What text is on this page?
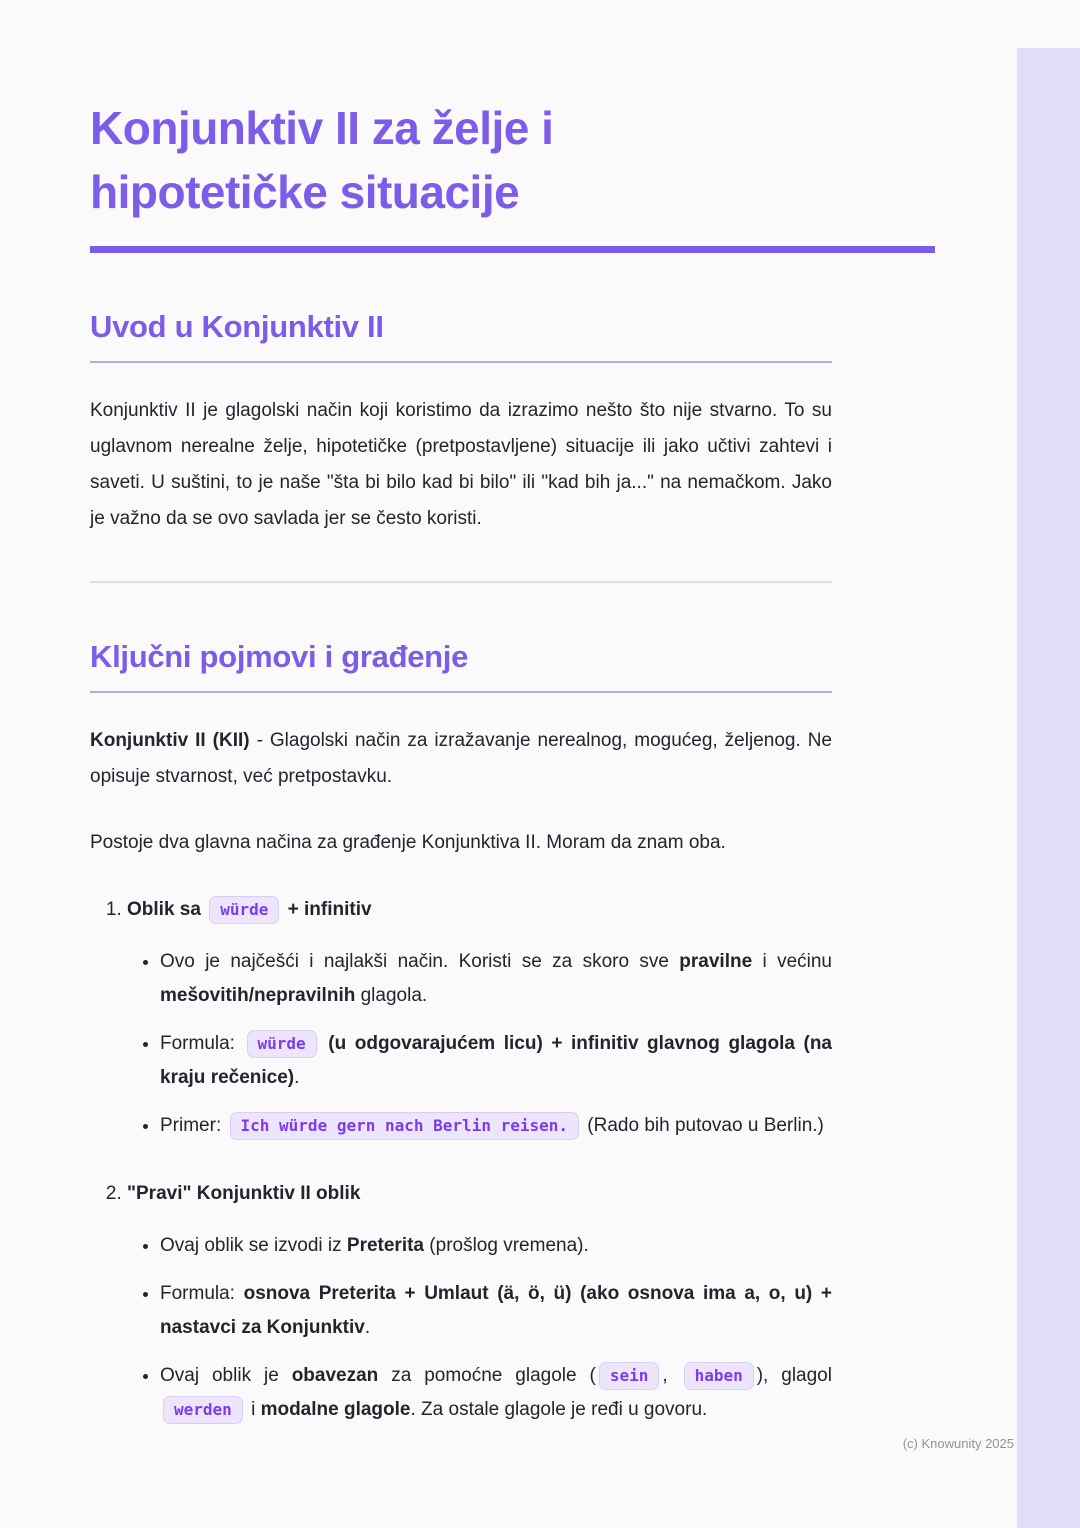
Konjunktiv II za želje i
hipotetičke situacije
Uvod u Konjunktiv II

Konjunktiv II je glagolski način koji koristimo da izrazimo nešto što nije stvarno. To su uglavnom nerealne želje, hipotetičke (pretpostavljene) situacije ili jako učtivi zahtevi i saveti. U suštini, to je naše "šta bi bilo kad bi bilo" ili "kad bih ja..." na nemačkom. Jako je važno da se ovo savlada jer se često koristi.

Ključni pojmovi i građenje

Konjunktiv II (KII) - Glagolski način za izražavanje nerealnog, mogućeg, željenog. Ne opisuje stvarnost, već pretpostavku.

Postoje dva glavna načina za građenje Konjunktiva II. Moram da znam oba.

1. Oblik sa würde + infinitiv
• Ovo je najčešći i najlakši način. Koristi se za skoro sve pravilne i većinu mešovitih/nepravilnih glagola.
• Formula: würde (u odgovarajućem licu) + infinitiv glavnog glagola (na kraju rečenice).
• Primer: Ich würde gern nach Berlin reisen. (Rado bih putovao u Berlin.)
2. "Pravi" Konjunktiv II oblik
• Ovaj oblik se izvodi iz Preterita (prošlog vremena).
• Formula: osnova Preterita + Umlaut (ä, ö, ü) (ako osnova ima a, o, u) + nastavci za Konjunktiv.
• Ovaj oblik je obavezan za pomoćne glagole ( sein , haben ), glagol werden i modalne glagole. Za ostale glagole je ređi u govoru.
(c) Knowunity 2025
